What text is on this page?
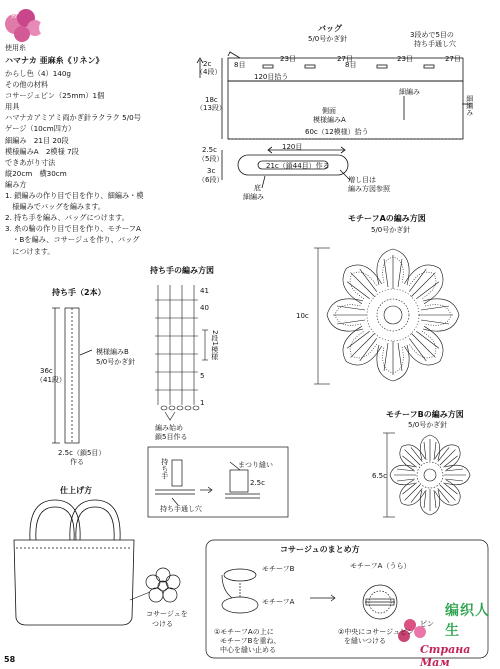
ﾌﾟﾗｸﾞ
6
使用糸
ハマナカ 亜麻糸《リネン》

からし色（4）140g

その他の材料

コサージュピン（25mm）1個

用具

ハマナカアミアミ両かぎ針ラクラク 5/0号

ゲージ（10cm四方）

細編み　21目 20段

模様編みA　2模様 7段

できあがり寸法

縦20cm　横30cm

編み方

1. 鎖編みの作り目で目を作り、細編み・模

　様編みでバッグを編みます。

2. 持ち手を編み、バッグにつけます。

3. 糸の輪の作り目で目を作り、モチーフA

　・Bを編み、コサージュを作り、バッグ

　につけます。

バッグ
5/0号かぎ針	3段めで5目の
持ち手通し穴
23目	27目	23目	27目
8目	8目
2c
（4段）
120目拾う
18c
（13段）	側面
模様編みA
細編み
細編み
60c（12模様）拾う
2.5c
（5段）
3c
（6段）
120目
21c（鎖44目）作る
底
細編み
増し目は
編み方図参照
モチーフAの編み方図
5/0号かぎ針
10c
モチーフBの編み方図
5/0号かぎ針
6.5c
持ち手の編み方図
41
40
5
1
2段1模様
編み始め
鎖5目作る
持ち手（2本）
模様編みB
5/0号かぎ針
36c
（41段）
2.5c（鎖5目）
作る	持ち手	まつり縫い
2.5c
持ち手通し穴
仕上げ方
コサージュを
つける
コサージュのまとめ方
モチーフB
モチーフA
モチーフA（うら）
ピン
①モチーフAの上に
モチーフBを重ね、
中心を縫い止める
②中央にコサージュピン
を縫いつける
编织人生
Страна Мам
58
